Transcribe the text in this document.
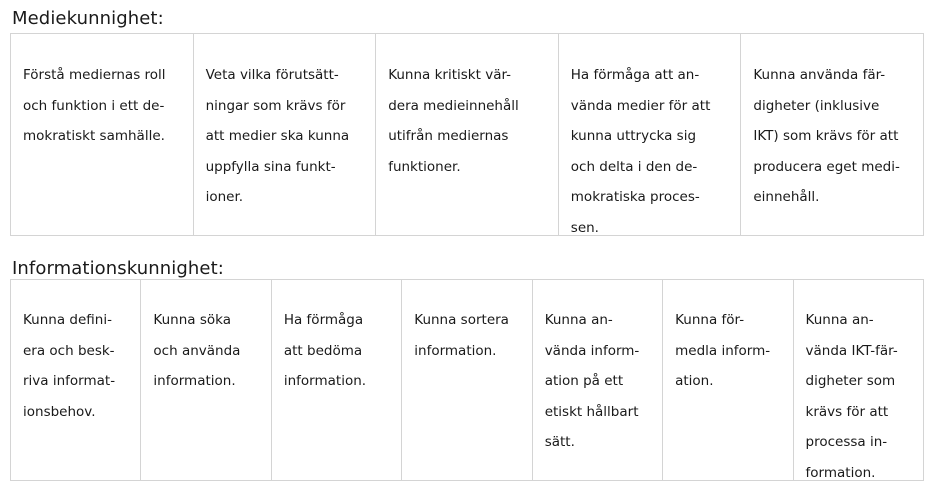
Mediekunnighet:
Förstå mediernas roll
och funktion i ett de-
mokratiskt samhälle.
Veta vilka förutsätt-
ningar som krävs för
att medier ska kunna
uppfylla sina funkt-
ioner.
Kunna kritiskt vär-
dera medieinnehåll
utifrån mediernas
funktioner.
Ha förmåga att an-
vända medier för att
kunna uttrycka sig
och delta i den de-
mokratiska proces-
sen.
Kunna använda fär-
digheter (inklusive
IKT) som krävs för att
producera eget medi-
einnehåll.
Informationskunnighet:
Kunna defini-
era och besk-
riva informat-
ionsbehov.
Kunna söka
och använda
information.
Ha förmåga
att bedöma
information.
Kunna sortera
information.
Kunna an-
vända inform-
ation på ett
etiskt hållbart
sätt.
Kunna för-
medla inform-
ation.
Kunna an-
vända IKT-fär-
digheter som
krävs för att
processa in-
formation.
